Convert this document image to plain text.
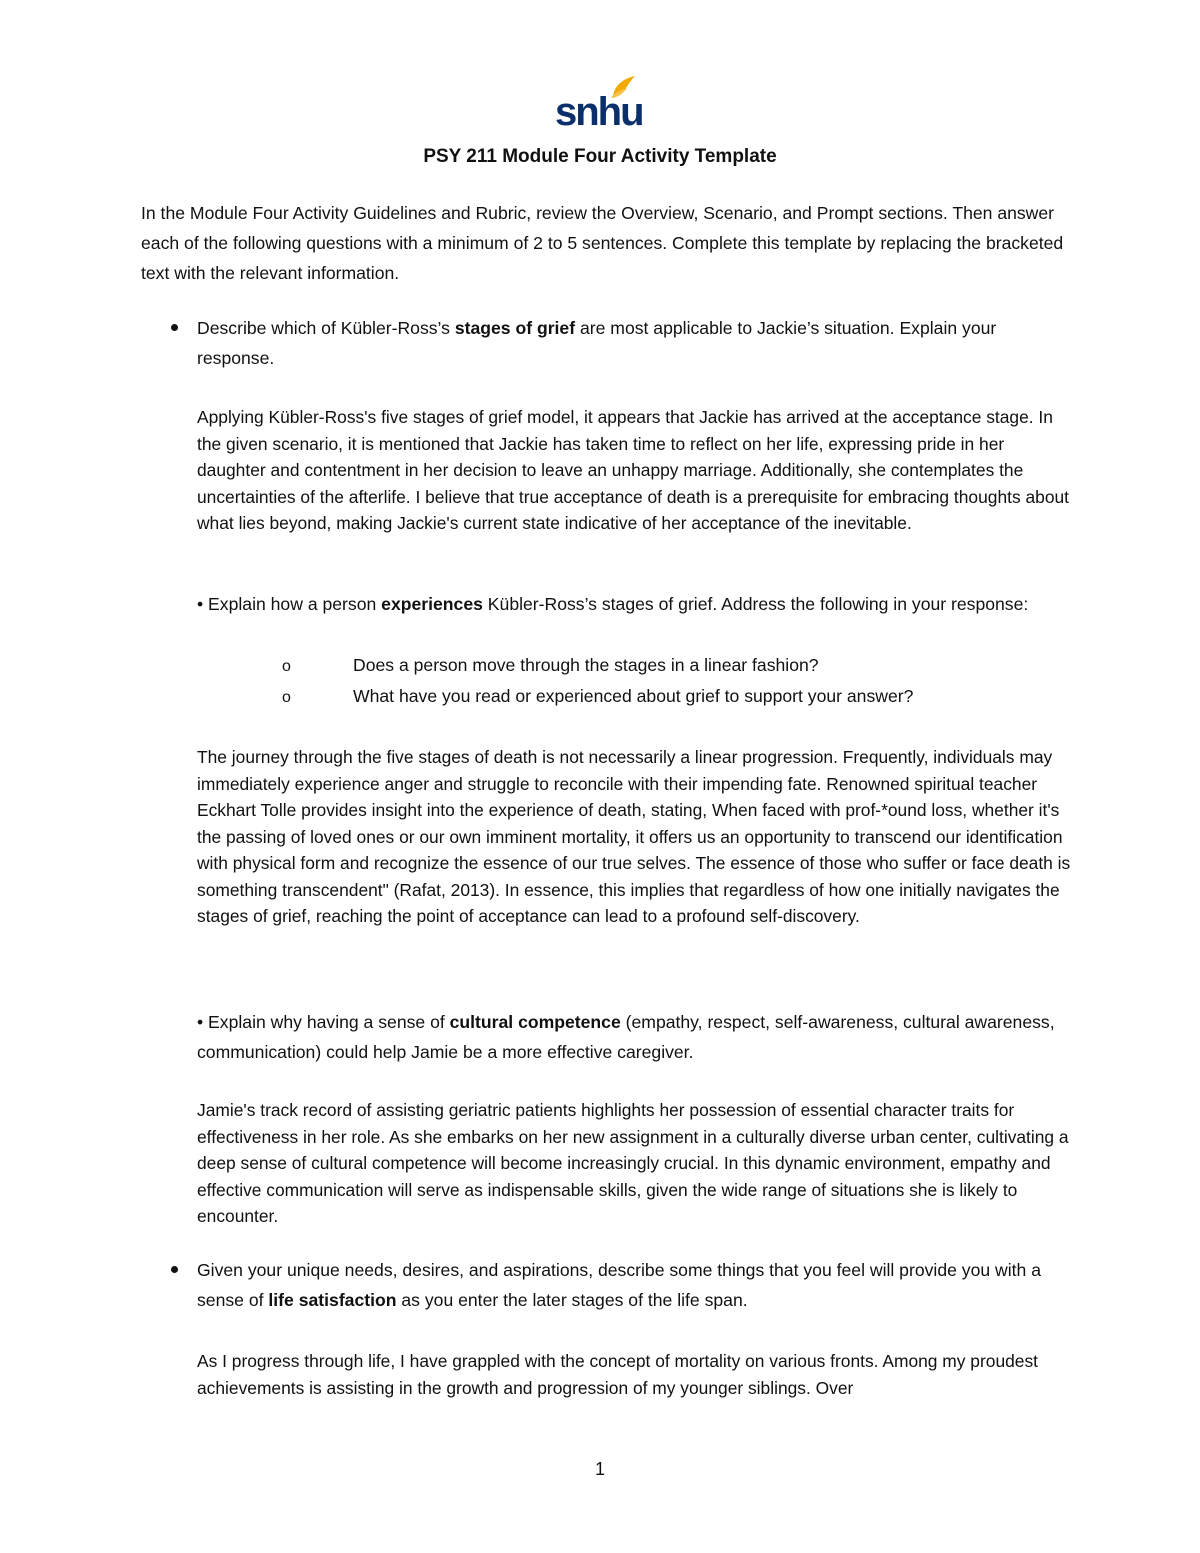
snhu
PSY 211 Module Four Activity Template

In the Module Four Activity Guidelines and Rubric, review the Overview, Scenario, and Prompt sections. Then answer each of the following questions with a minimum of 2 to 5 sentences. Complete this template by replacing the bracketed text with the relevant information.

Describe which of Kübler-Ross’s stages of grief are most applicable to Jackie’s situation. Explain your response.

Applying Kübler-Ross's five stages of grief model, it appears that Jackie has arrived at the acceptance stage. In the given scenario, it is mentioned that Jackie has taken time to reflect on her life, expressing pride in her daughter and contentment in her decision to leave an unhappy marriage. Additionally, she contemplates the uncertainties of the afterlife. I believe that true acceptance of death is a prerequisite for embracing thoughts about what lies beyond, making Jackie's current state indicative of her acceptance of the inevitable.

• Explain how a person experiences Kübler-Ross’s stages of grief. Address the following in your response:

o	Does a person move through the stages in a linear fashion?

o	What have you read or experienced about grief to support your answer?

The journey through the five stages of death is not necessarily a linear progression. Frequently, individuals may immediately experience anger and struggle to reconcile with their impending fate. Renowned spiritual teacher Eckhart Tolle provides insight into the experience of death, stating, When faced with prof-*ound loss, whether it's the passing of loved ones or our own imminent mortality, it offers us an opportunity to transcend our identification with physical form and recognize the essence of our true selves. The essence of those who suffer or face death is something transcendent" (Rafat, 2013). In essence, this implies that regardless of how one initially navigates the stages of grief, reaching the point of acceptance can lead to a profound self-discovery.

• Explain why having a sense of cultural competence (empathy, respect, self-awareness, cultural awareness, communication) could help Jamie be a more effective caregiver.

Jamie's track record of assisting geriatric patients highlights her possession of essential character traits for effectiveness in her role. As she embarks on her new assignment in a culturally diverse urban center, cultivating a deep sense of cultural competence will become increasingly crucial. In this dynamic environment, empathy and effective communication will serve as indispensable skills, given the wide range of situations she is likely to encounter.

Given your unique needs, desires, and aspirations, describe some things that you feel will provide you with a sense of life satisfaction as you enter the later stages of the life span.

As I progress through life, I have grappled with the concept of mortality on various fronts. Among my proudest achievements is assisting in the growth and progression of my younger siblings. Over

1
